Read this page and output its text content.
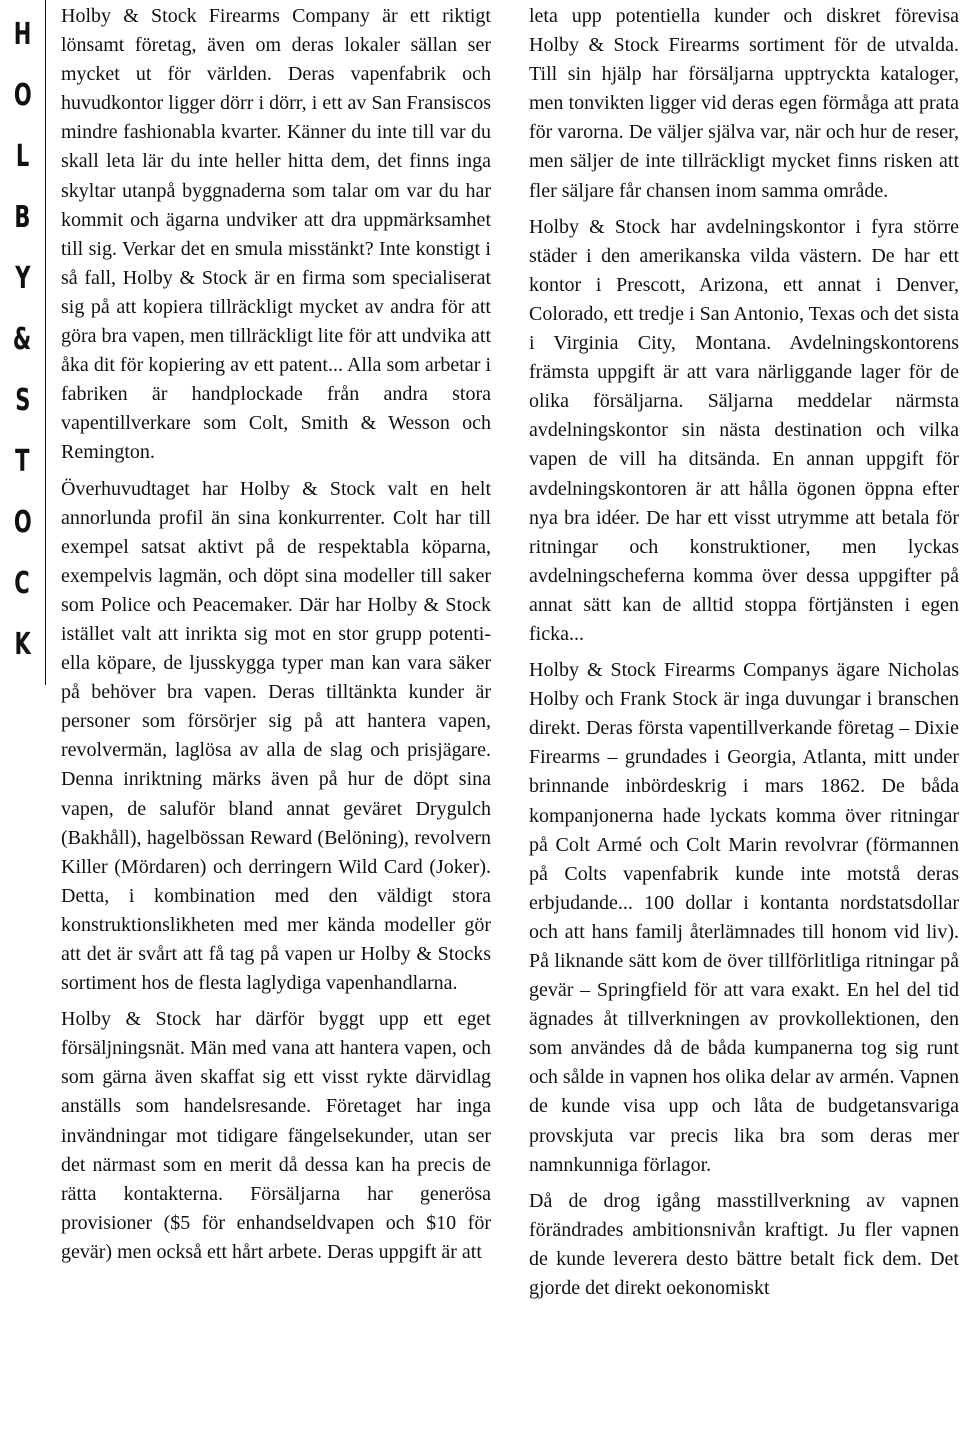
H
O
L
B
Y
&
S
T
O
C
K

Holby & Stock Firearms Company är ett riktigt lönsamt företag, även om deras lokaler sällan ser mycket ut för världen. Deras vapenfabrik och huvudkontor ligger dörr i dörr, i ett av San Fransiscos mindre fashionabla kvarter. Känner du inte till var du skall leta lär du inte heller hitta dem, det finns inga skyltar utanpå byggnaderna som talar om var du har kommit och ägarna undviker att dra uppmärksamhet till sig. Verkar det en smula misstänkt? Inte konstigt i så fall, Holby & Stock är en firma som specialiserat sig på att kopiera tillräckligt mycket av andra för att göra bra vapen, men tillräckligt lite för att undvika att åka dit för kopiering av ett patent... Alla som arbetar i fabriken är handplockade från andra stora vapentillverkare som Colt, Smith & Wesson och Remington.

Överhuvudtaget har Holby & Stock valt en helt annorlunda profil än sina konkurrenter. Colt har till exempel satsat aktivt på de respektabla köparna, exempelvis lagmän, och döpt sina modeller till saker som Police och Peacemaker. Där har Holby & Stock istället valt att inrikta sig mot en stor grupp potentiella köpare, de ljusskygga typer man kan vara säker på behöver bra vapen. Deras tilltänkta kunder är personer som försörjer sig på att hantera vapen, revolvermän, laglösa av alla de slag och prisjägare. Denna inriktning märks även på hur de döpt sina vapen, de saluför bland annat geväret Drygulch (Bakhåll), hagelbössan Reward (Belöning), revolvern Killer (Mördaren) och derringern Wild Card (Joker). Detta, i kombination med den väldigt stora konstruktionslikheten med mer kända modeller gör att det är svårt att få tag på vapen ur Holby & Stocks sortiment hos de flesta laglydiga vapenhandlarna.

Holby & Stock har därför byggt upp ett eget försäljningsnät. Män med vana att hantera vapen, och som gärna även skaffat sig ett visst rykte därvidlag anställs som handelsresande. Företaget har inga invändningar mot tidigare fängelsekunder, utan ser det närmast som en merit då dessa kan ha precis de rätta kontakterna. Försäljarna har generösa provisioner ($5 för enhandseldvapen och $10 för gevär) men också ett hårt arbete. Deras uppgift är att

leta upp potentiella kunder och diskret förevisa Holby & Stock Firearms sortiment för de utvalda. Till sin hjälp har försäljarna upptryckta kataloger, men tonvikten ligger vid deras egen förmåga att prata för varorna. De väljer själva var, när och hur de reser, men säljer de inte tillräckligt mycket finns risken att fler säljare får chansen inom samma område.

Holby & Stock har avdelningskontor i fyra större städer i den amerikanska vilda västern. De har ett kontor i Prescott, Arizona, ett annat i Denver, Colorado, ett tredje i San Antonio, Texas och det sista i Virginia City, Montana. Avdelningskontorens främsta uppgift är att vara närliggande lager för de olika försäljarna. Säljarna meddelar närmsta avdelningskontor sin nästa destination och vilka vapen de vill ha ditsända. En annan uppgift för avdelningskontoren är att hålla ögonen öppna efter nya bra idéer. De har ett visst utrymme att betala för ritningar och konstruktioner, men lyckas avdelningscheferna komma över dessa uppgifter på annat sätt kan de alltid stoppa förtjänsten i egen ficka...

Holby & Stock Firearms Companys ägare Nicholas Holby och Frank Stock är inga duvungar i branschen direkt. Deras första vapentillverkande företag – Dixie Firearms – grundades i Georgia, Atlanta, mitt under brinnande inbördeskrig i mars 1862. De båda kompanjonerna hade lyckats komma över ritningar på Colt Armé och Colt Marin revolvrar (förmannen på Colts vapenfabrik kunde inte motstå deras erbjudande... 100 dollar i kontanta nordstatsdollar och att hans familj återlämnades till honom vid liv). På liknande sätt kom de över tillförlitliga ritningar på gevär – Springfield för att vara exakt. En hel del tid ägnades åt tillverkningen av provkollektionen, den som användes då de båda kumpanerna tog sig runt och sålde in vapnen hos olika delar av armén. Vapnen de kunde visa upp och låta de budgetansvariga provskjuta var precis lika bra som deras mer namnkunniga förlagor.

Då de drog igång masstillverkning av vapnen förändrades ambitionsnivån kraftigt. Ju fler vapnen de kunde leverera desto bättre betalt fick dem. Det gjorde det direkt oekonomiskt
